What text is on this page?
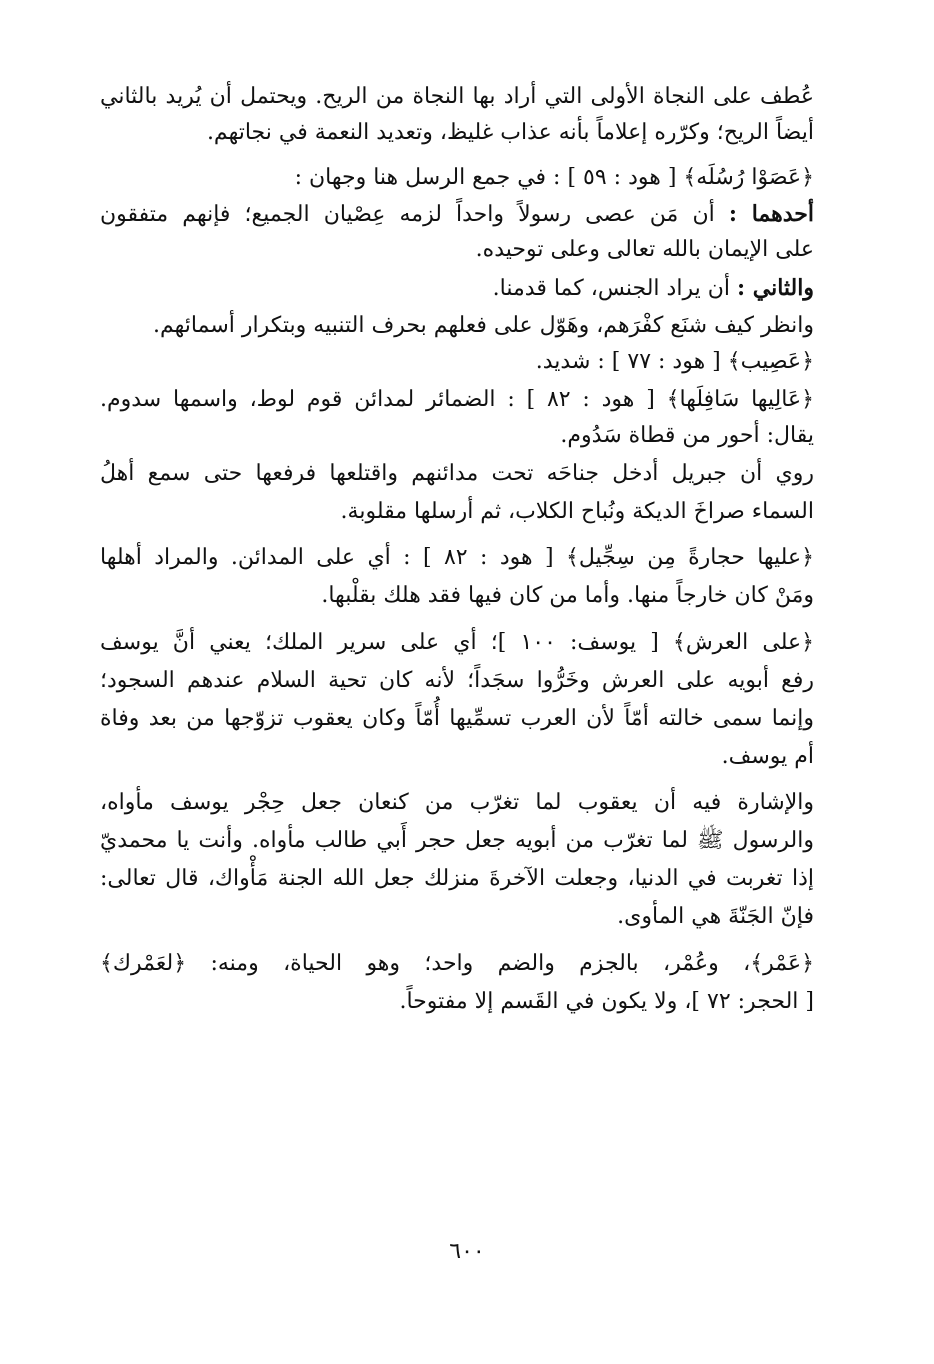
عُطف على النجاة الأولى التي أراد بها النجاة من الريح. ويحتمل أن يُريد بالثاني
أيضاً الريح؛ وكرّره إعلاماً بأنه عذاب غليظ، وتعديد النعمة في نجاتهم.
﴿عَصَوْا رُسُلَه﴾ [ هود : ٥٩ ] : في جمع الرسل هنا وجهان :
أحدهما : أن مَن عصى رسولاً واحداً لزمه عِصْيان الجميع؛ فإنهم متفقون
على الإيمان بالله تعالى وعلى توحيده.
والثاني : أن يراد الجنس، كما قدمنا.
وانظر كيف شنَع كفْرَهم، وهَوّل على فعلهم بحرف التنبيه وبتكرار أسمائهم.
﴿عَصِيب﴾ [ هود : ٧٧ ] : شديد.
﴿عَالِيها سَافِلَها﴾ [ هود : ٨٢ ] : الضمائر لمدائن قوم لوط، واسمها سدوم.
يقال: أحور من قطاة سَدُوم.
روي أن جبريل أدخل جناحَه تحت مدائنهم واقتلعها فرفعها حتى سمع أهلُ
السماء صراخَ الديكة ونُباح الكلاب، ثم أرسلها مقلوبة.
﴿عليها حجارةً مِن سِجِّيل﴾ [ هود : ٨٢ ] : أي على المدائن. والمراد أهلها
ومَنْ كان خارجاً منها. وأما من كان فيها فقد هلك بقلْبها.
﴿على العرش﴾ [ يوسف: ١٠٠ ]؛ أي على سرير الملك؛ يعني أنَّ يوسف
رفع أبويه على العرش وخَرُّوا سجَداً؛ لأنه كان تحية السلام عندهم السجود؛
وإنما سمى خالته أمّاً لأن العرب تسمِّيها أُمّاً وكان يعقوب تزوّجها من بعد وفاة
أم يوسف.
والإشارة فيه أن يعقوب لما تغرّب من كنعان جعل حِجْر يوسف مأواه،
والرسول ﷺ لما تغرّب من أبويه جعل حجر أَبي طالب مأواه. وأنت يا محمديّ
إذا تغربت في الدنيا، وجعلت الآخرةَ منزلك جعل الله الجنة مَأْواك، قال تعالى:
فإنّ الجَنّةَ هي المأوى.
﴿عَمْر﴾، وعُمْر، بالجزم والضم واحد؛ وهو الحياة، ومنه: ﴿لعَمْرك﴾
[ الحجر: ٧٢ ]، ولا يكون في القَسم إلا مفتوحاً.
٦٠٠
